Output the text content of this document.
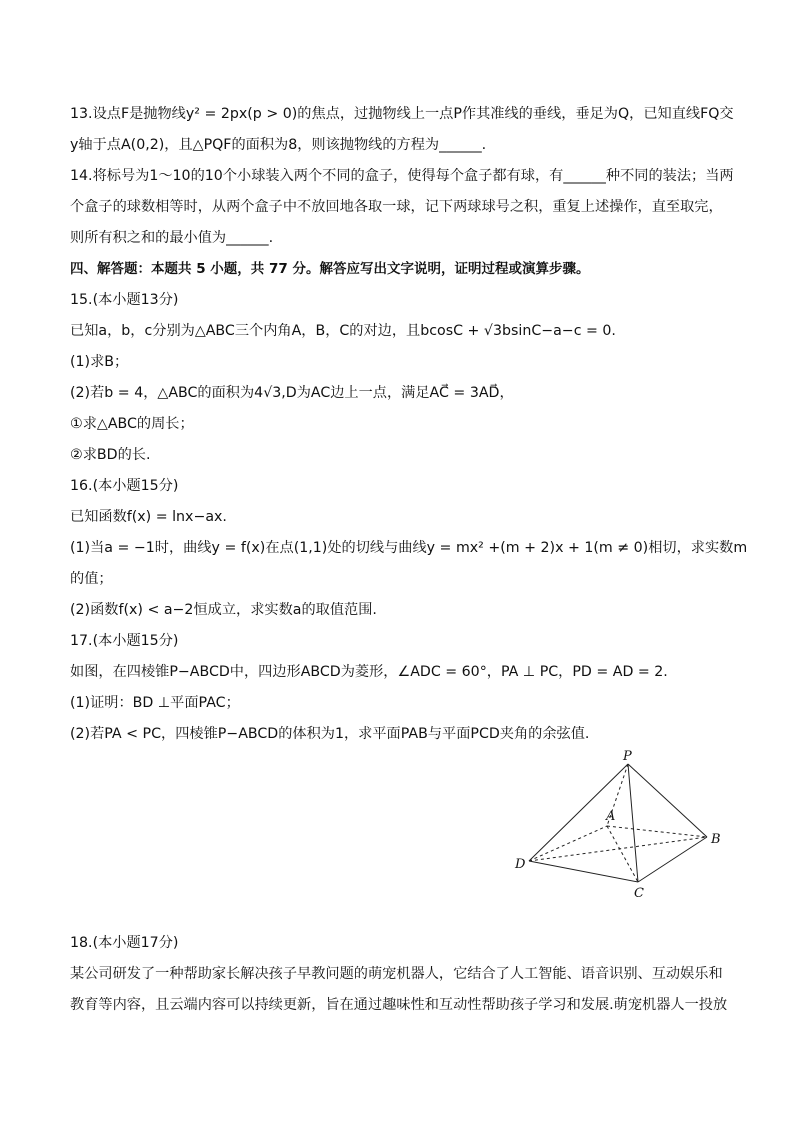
13.设点F是抛物线y² = 2px(p > 0)的焦点，过抛物线上一点P作其准线的垂线，垂足为Q，已知直线FQ交
y轴于点A(0,2)，且△PQF的面积为8，则该抛物线的方程为______.
14.将标号为1～10的10个小球装入两个不同的盒子，使得每个盒子都有球，有______种不同的装法；当两
个盒子的球数相等时，从两个盒子中不放回地各取一球，记下两球球号之积，重复上述操作，直至取完，
则所有积之和的最小值为______.
四、解答题：本题共 5 小题，共 77 分。解答应写出文字说明，证明过程或演算步骤。
15.(本小题13分)
已知a，b，c分别为△ABC三个内角A，B，C的对边，且bcosC + √3bsinC−a−c = 0.
(1)求B；
(2)若b = 4，△ABC的面积为4√3,D为AC边上一点，满足AC⃗ = 3AD⃗，
①求△ABC的周长；
②求BD的长.
16.(本小题15分)
已知函数f(x) = lnx−ax.
(1)当a = −1时，曲线y = f(x)在点(1,1)处的切线与曲线y = mx² +(m + 2)x + 1(m ≠ 0)相切，求实数m
的值；
(2)函数f(x) < a−2恒成立，求实数a的取值范围.
17.(本小题15分)
如图，在四棱锥P−ABCD中，四边形ABCD为菱形，∠ADC = 60°，PA ⊥ PC，PD = AD = 2.
(1)证明：BD ⊥平面PAC；
(2)若PA < PC，四棱锥P−ABCD的体积为1，求平面PAB与平面PCD夹角的余弦值.
P
A
B
C
D
18.(本小题17分)
某公司研发了一种帮助家长解决孩子早教问题的萌宠机器人，它结合了人工智能、语音识别、互动娱乐和
教育等内容，且云端内容可以持续更新，旨在通过趣味性和互动性帮助孩子学习和发展.萌宠机器人一投放
